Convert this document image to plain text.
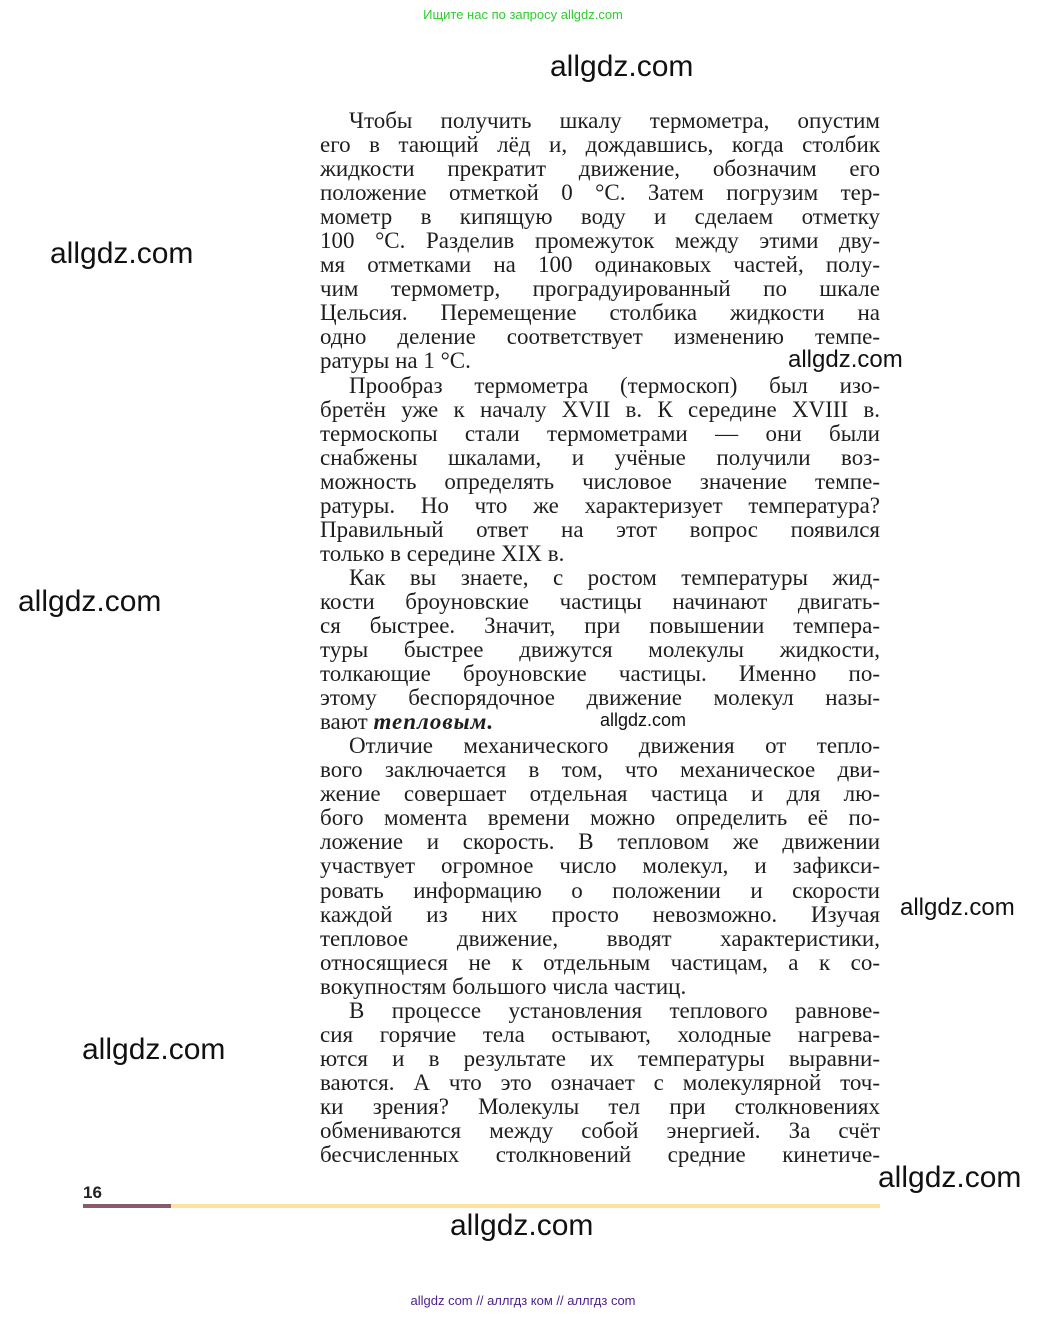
Ищите нас по запросу allgdz.com
allgdz.com
allgdz.com
allgdz.com
allgdz.com
allgdz.com
allgdz.com
allgdz.com
allgdz.com
allgdz.com
Чтобы получить шкалу термометра, опустим
его в тающий лёд и, дождавшись, когда столбик
жидкости прекратит движение, обозначим его
положение отметкой 0 °С. Затем погрузим тер-
мометр в кипящую воду и сделаем отметку
100 °С. Разделив промежуток между этими дву-
мя отметками на 100 одинаковых частей, полу-
чим термометр, проградуированный по шкале
Цельсия. Перемещение столбика жидкости на
одно деление соответствует изменению темпе-
ратуры на 1 °С.
Прообраз термометра (термоскоп) был изо-
бретён уже к началу XVII в. К середине XVIII в.
термоскопы стали термометрами — они были
снабжены шкалами, и учёные получили воз-
можность определять числовое значение темпе-
ратуры. Но что же характеризует температура?
Правильный ответ на этот вопрос появился
только в середине XIX в.
Как вы знаете, с ростом температуры жид-
кости броуновские частицы начинают двигать-
ся быстрее. Значит, при повышении темпера-
туры быстрее движутся молекулы жидкости,
толкающие броуновские частицы. Именно по-
этому беспорядочное движение молекул назы-
вают тепловым.
Отличие механического движения от тепло-
вого заключается в том, что механическое дви-
жение совершает отдельная частица и для лю-
бого момента времени можно определить её по-
ложение и скорость. В тепловом же движении
участвует огромное число молекул, и зафикси-
ровать информацию о положении и скорости
каждой из них просто невозможно. Изучая
тепловое движение, вводят характеристики,
относящиеся не к отдельным частицам, а к со-
вокупностям большого числа частиц.
В процессе установления теплового равнове-
сия горячие тела остывают, холодные нагрева-
ются и в результате их температуры выравни-
ваются. А что это означает с молекулярной точ-
ки зрения? Молекулы тел при столкновениях
обмениваются между собой энергией. За счёт
бесчисленных столкновений средние кинетиче-
16
allgdz com // аллгдз ком // аллгдз com
